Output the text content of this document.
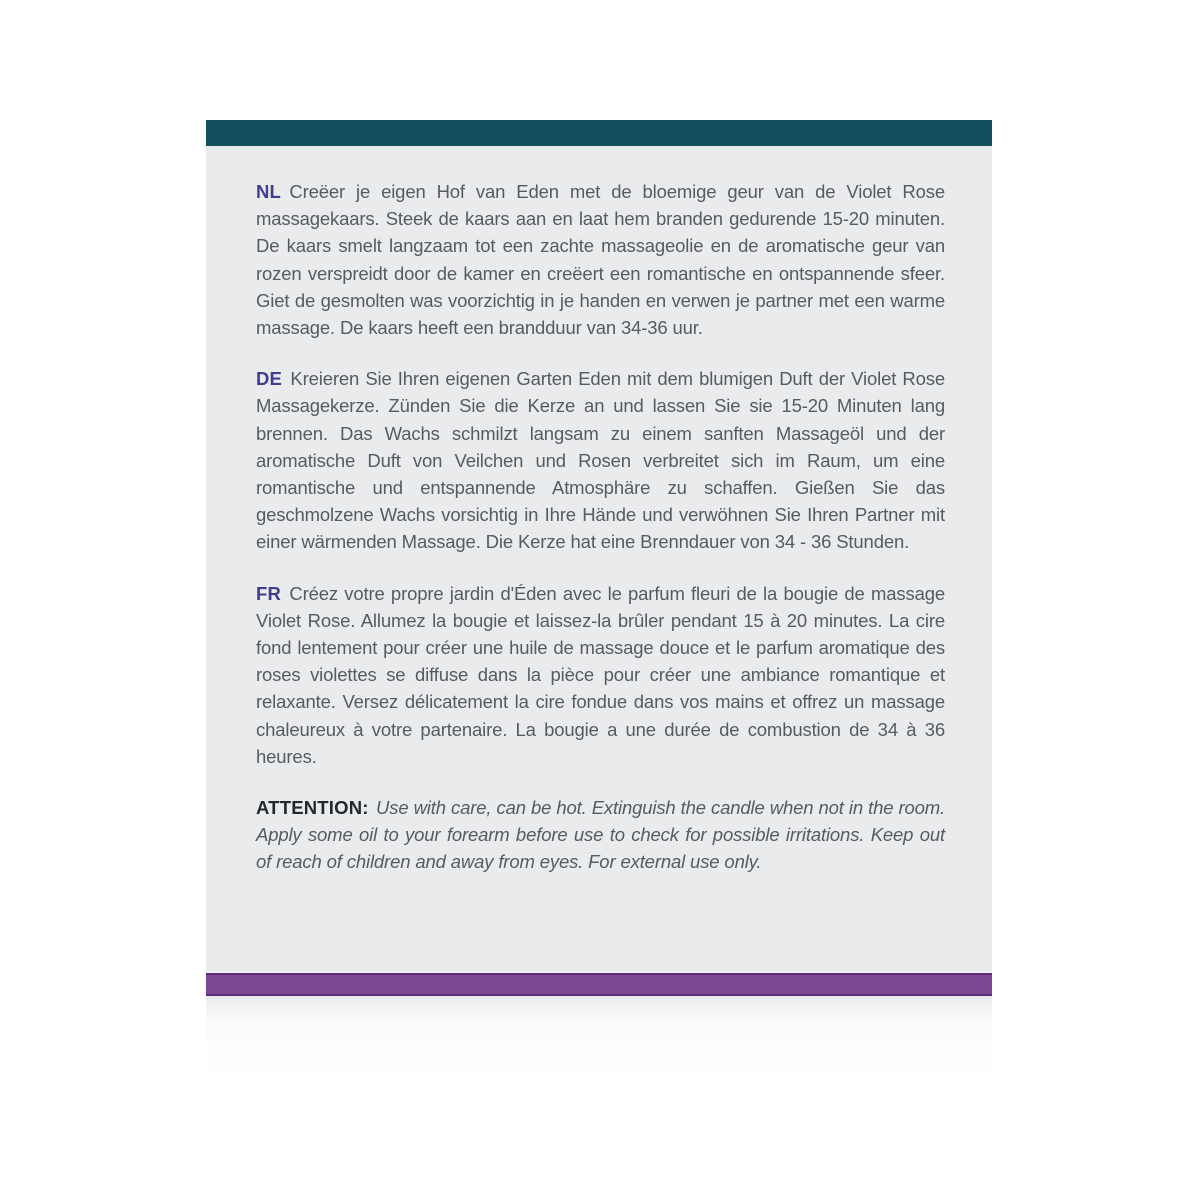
NL Creëer je eigen Hof van Eden met de bloemige geur van de Violet Rose massagekaars. Steek de kaars aan en laat hem branden gedurende 15-20 minuten. De kaars smelt langzaam tot een zachte massageolie en de aromatische geur van rozen verspreidt door de kamer en creëert een romantische en ontspannende sfeer. Giet de gesmolten was voorzichtig in je handen en verwen je partner met een warme massage. De kaars heeft een brandduur van 34-36 uur.

DE Kreieren Sie Ihren eigenen Garten Eden mit dem blumigen Duft der Violet Rose Massagekerze. Zünden Sie die Kerze an und lassen Sie sie 15-20 Minuten lang brennen. Das Wachs schmilzt langsam zu einem sanften Massageöl und der aromatische Duft von Veilchen und Rosen verbreitet sich im Raum, um eine romantische und entspannende Atmosphäre zu schaffen. Gießen Sie das geschmolzene Wachs vorsichtig in Ihre Hände und verwöhnen Sie Ihren Partner mit einer wärmenden Massage. Die Kerze hat eine Brenndauer von 34 - 36 Stunden.

FR Créez votre propre jardin d'Éden avec le parfum fleuri de la bougie de massage Violet Rose. Allumez la bougie et laissez-la brûler pendant 15 à 20 minutes. La cire fond lentement pour créer une huile de massage douce et le parfum aromatique des roses violettes se diffuse dans la pièce pour créer une ambiance romantique et relaxante. Versez délicatement la cire fondue dans vos mains et offrez un massage chaleureux à votre partenaire. La bougie a une durée de combustion de 34 à 36 heures.

ATTENTION: Use with care, can be hot. Extinguish the candle when not in the room. Apply some oil to your forearm before use to check for possible irritations. Keep out of reach of children and away from eyes. For external use only.
